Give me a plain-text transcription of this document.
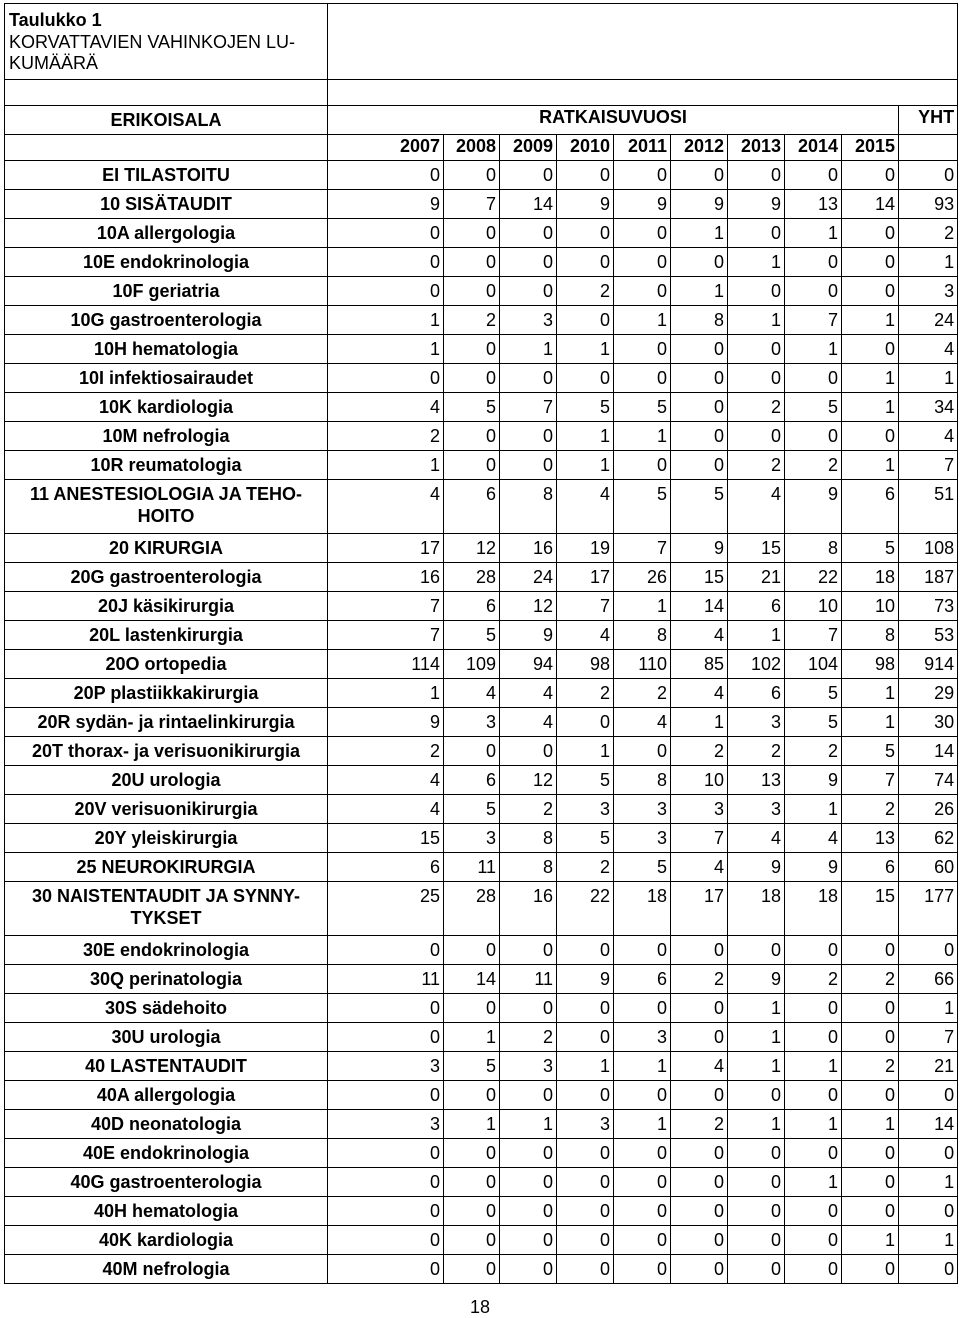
Taulukko 1
KORVATTAVIEN VAHINKOJEN LU-KUMÄÄRÄ										

ERIKOISALA	RATKAISUVUOSI									YHT
	2007	2008	2009	2010	2011	2012	2013	2014	2015	
EI TILASTOITU	0	0	0	0	0	0	0	0	0	0
10 SISÄTAUDIT	9	7	14	9	9	9	9	13	14	93
10A allergologia	0	0	0	0	0	1	0	1	0	2
10E endokrinologia	0	0	0	0	0	0	1	0	0	1
10F geriatria	0	0	0	2	0	1	0	0	0	3
10G gastroenterologia	1	2	3	0	1	8	1	7	1	24
10H hematologia	1	0	1	1	0	0	0	1	0	4
10I infektiosairaudet	0	0	0	0	0	0	0	0	1	1
10K kardiologia	4	5	7	5	5	0	2	5	1	34
10M nefrologia	2	0	0	1	1	0	0	0	0	4
10R reumatologia	1	0	0	1	0	0	2	2	1	7
11 ANESTESIOLOGIA JA TEHO-HOITO	4	6	8	4	5	5	4	9	6	51
20 KIRURGIA	17	12	16	19	7	9	15	8	5	108
20G gastroenterologia	16	28	24	17	26	15	21	22	18	187
20J käsikirurgia	7	6	12	7	1	14	6	10	10	73
20L lastenkirurgia	7	5	9	4	8	4	1	7	8	53
20O ortopedia	114	109	94	98	110	85	102	104	98	914
20P plastiikkakirurgia	1	4	4	2	2	4	6	5	1	29
20R sydän- ja rintaelinkirurgia	9	3	4	0	4	1	3	5	1	30
20T thorax- ja verisuonikirurgia	2	0	0	1	0	2	2	2	5	14
20U urologia	4	6	12	5	8	10	13	9	7	74
20V verisuonikirurgia	4	5	2	3	3	3	3	1	2	26
20Y yleiskirurgia	15	3	8	5	3	7	4	4	13	62
25 NEUROKIRURGIA	6	11	8	2	5	4	9	9	6	60
30 NAISTENTAUDIT JA SYNNY-TYKSET	25	28	16	22	18	17	18	18	15	177
30E endokrinologia	0	0	0	0	0	0	0	0	0	0
30Q perinatologia	11	14	11	9	6	2	9	2	2	66
30S sädehoito	0	0	0	0	0	0	1	0	0	1
30U urologia	0	1	2	0	3	0	1	0	0	7
40 LASTENTAUDIT	3	5	3	1	1	4	1	1	2	21
40A allergologia	0	0	0	0	0	0	0	0	0	0
40D neonatologia	3	1	1	3	1	2	1	1	1	14
40E endokrinologia	0	0	0	0	0	0	0	0	0	0
40G gastroenterologia	0	0	0	0	0	0	0	1	0	1
40H hematologia	0	0	0	0	0	0	0	0	0	0
40K kardiologia	0	0	0	0	0	0	0	0	1	1
40M nefrologia	0	0	0	0	0	0	0	0	0	0
18
